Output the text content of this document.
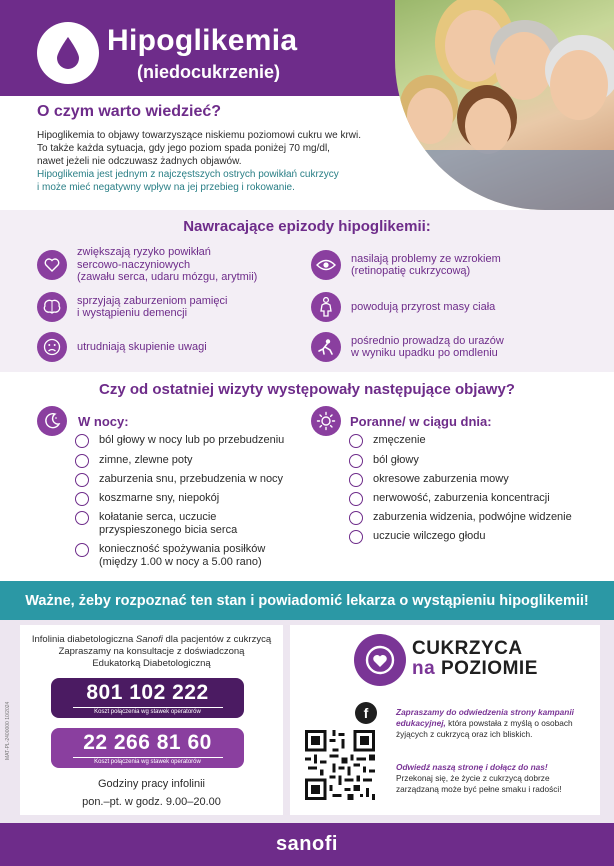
Hipoglikemia
(niedocukrzenie)
O czym warto wiedzieć?
Hipoglikemia to objawy towarzyszące niskiemu poziomowi cukru we krwi.
To także każda sytuacja, gdy jego poziom spada poniżej 70 mg/dl,
nawet jeżeli nie odczuwasz żadnych objawów.
Hipoglikemia jest jednym z najczęstszych ostrych powikłań cukrzycy
i może mieć negatywny wpływ na jej przebieg i rokowanie.
Nawracające epizody hipoglikemii:
zwiększają ryzyko powikłań
sercowo-naczyniowych
(zawału serca, udaru mózgu, arytmii)
nasilają problemy ze wzrokiem
(retinopatię cukrzycową)
sprzyjają zaburzeniom pamięci
i wystąpieniu demencji
powodują przyrost masy ciała
utrudniają skupienie uwagi
pośrednio prowadzą do urazów
w wyniku upadku po omdleniu
Czy od ostatniej wizyty występowały następujące objawy?
W nocy:	Poranne/ w ciągu dnia:
ból głowy w nocy lub po przebudzeniu
zimne, zlewne poty
zaburzenia snu, przebudzenia w nocy
koszmarne sny, niepokój
kołatanie serca, uczucie
przyspieszonego bicia serca
konieczność spożywania posiłków
(między 1.00 w nocy a 5.00 rano)
zmęczenie
ból głowy
okresowe zaburzenia mowy
nerwowość, zaburzenia koncentracji
zaburzenia widzenia, podwójne widzenie
uczucie wilczego głodu
Ważne, żeby rozpoznać ten stan i powiadomić lekarza o wystąpieniu hipoglikemii!
Infolinia diabetologiczna Sanofi dla pacjentów z cukrzycą
Zapraszamy na konsultacje z doświadczoną
Edukatorką Diabetologiczną
801 102 222
Koszt połączenia wg stawek operatorów
22 266 81 60
Koszt połączenia wg stawek operatorów
Godziny pracy infolinii
pon.–pt. w godz. 9.00–20.00
CUKRZYCA
na POZIOMIE
f	Zapraszamy do odwiedzenia strony kampanii edukacyjnej, która powstała z myślą o osobach żyjących z cukrzycą oraz ich bliskich.
Odwiedź naszą stronę i dołącz do nas!
Przekonaj się, że życie z cukrzycą dobrze zarządzaną może być pełne smaku i radości!
MAT-PL-2400000 10/2024
sanofi
